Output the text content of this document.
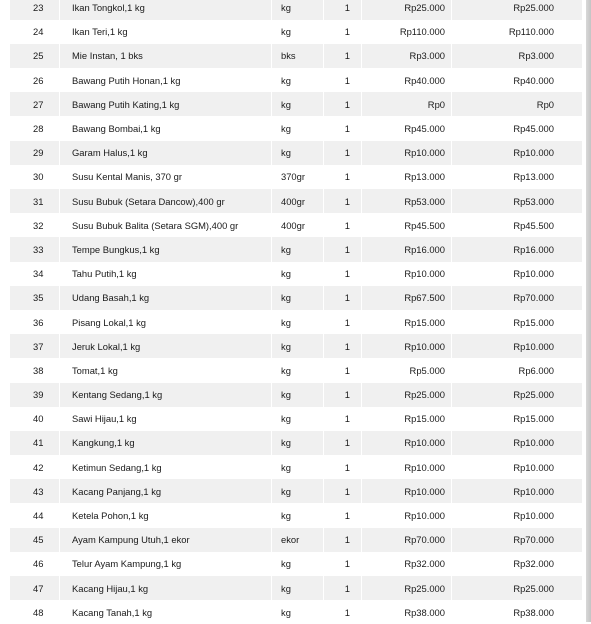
23	Ikan Tongkol,1 kg	kg	1	Rp25.000	Rp25.000
24	Ikan Teri,1 kg	kg	1	Rp110.000	Rp110.000
25	Mie Instan, 1 bks	bks	1	Rp3.000	Rp3.000
26	Bawang Putih Honan,1 kg	kg	1	Rp40.000	Rp40.000
27	Bawang Putih Kating,1 kg	kg	1	Rp0	Rp0
28	Bawang Bombai,1 kg	kg	1	Rp45.000	Rp45.000
29	Garam Halus,1 kg	kg	1	Rp10.000	Rp10.000
30	Susu Kental Manis, 370 gr	370gr	1	Rp13.000	Rp13.000
31	Susu Bubuk (Setara Dancow),400 gr	400gr	1	Rp53.000	Rp53.000
32	Susu Bubuk Balita (Setara SGM),400 gr	400gr	1	Rp45.500	Rp45.500
33	Tempe Bungkus,1 kg	kg	1	Rp16.000	Rp16.000
34	Tahu Putih,1 kg	kg	1	Rp10.000	Rp10.000
35	Udang Basah,1 kg	kg	1	Rp67.500	Rp70.000
36	Pisang Lokal,1 kg	kg	1	Rp15.000	Rp15.000
37	Jeruk Lokal,1 kg	kg	1	Rp10.000	Rp10.000
38	Tomat,1 kg	kg	1	Rp5.000	Rp6.000
39	Kentang Sedang,1 kg	kg	1	Rp25.000	Rp25.000
40	Sawi Hijau,1 kg	kg	1	Rp15.000	Rp15.000
41	Kangkung,1 kg	kg	1	Rp10.000	Rp10.000
42	Ketimun Sedang,1 kg	kg	1	Rp10.000	Rp10.000
43	Kacang Panjang,1 kg	kg	1	Rp10.000	Rp10.000
44	Ketela Pohon,1 kg	kg	1	Rp10.000	Rp10.000
45	Ayam Kampung Utuh,1 ekor	ekor	1	Rp70.000	Rp70.000
46	Telur Ayam Kampung,1 kg	kg	1	Rp32.000	Rp32.000
47	Kacang Hijau,1 kg	kg	1	Rp25.000	Rp25.000
48	Kacang Tanah,1 kg	kg	1	Rp38.000	Rp38.000
